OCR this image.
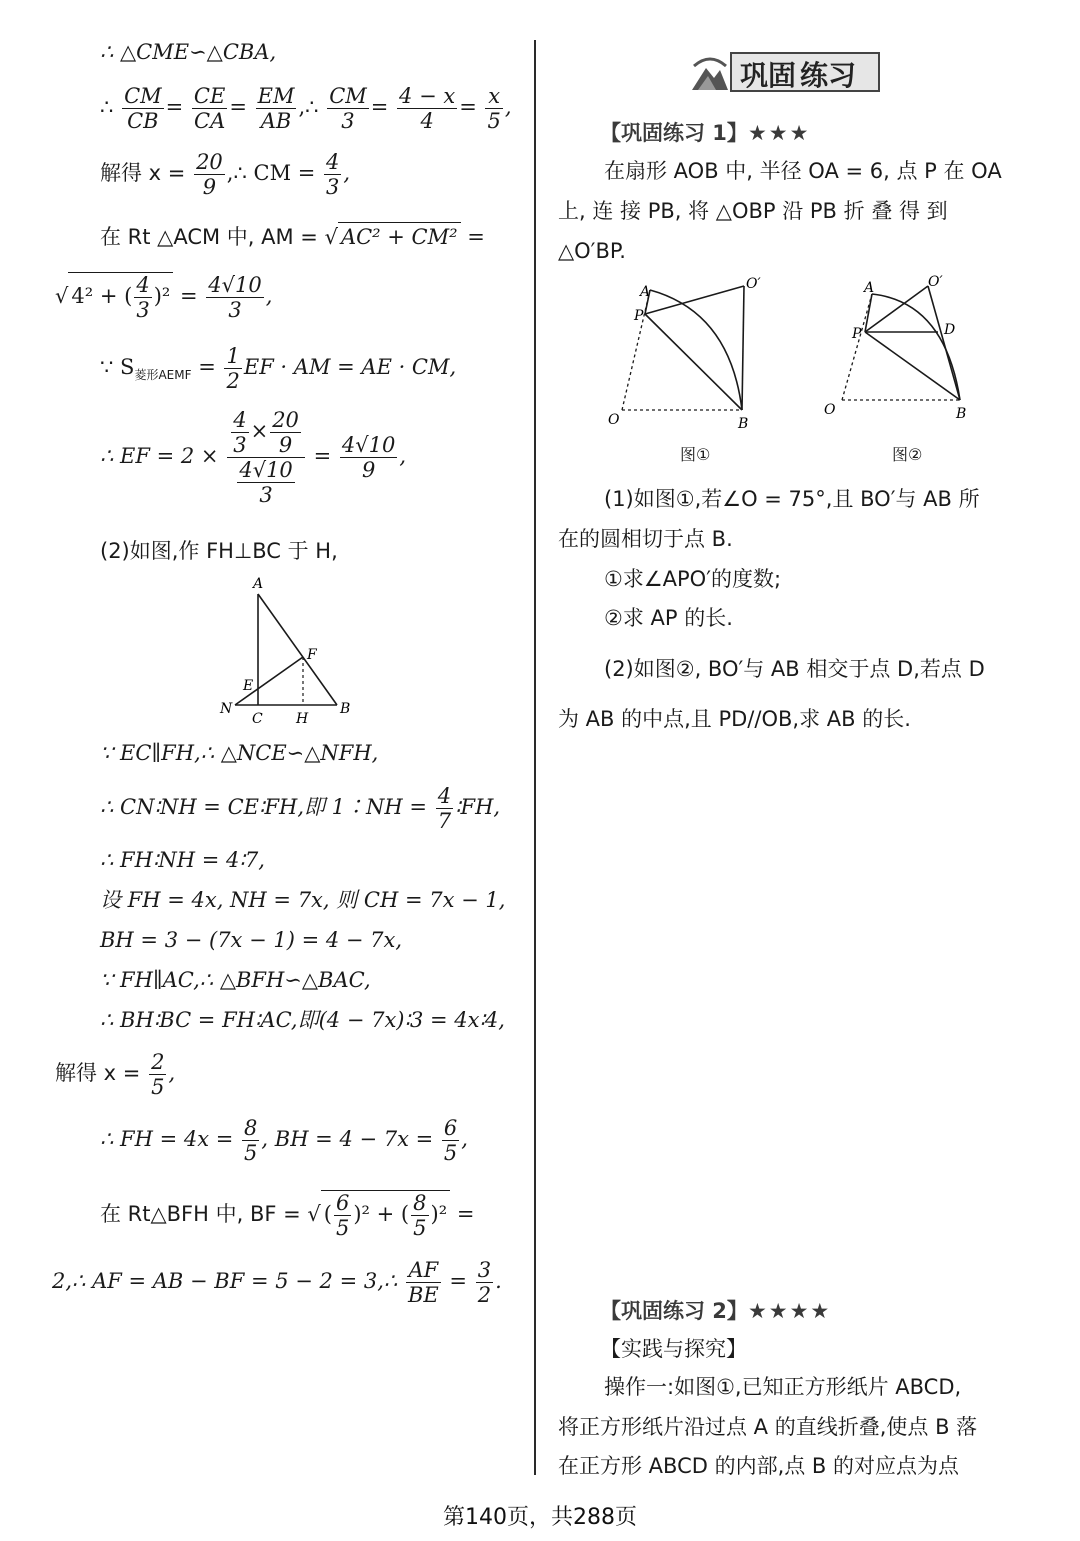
∴ △CME∽△CBA,
∴ $\frac{CM}{CB} = \frac{CE}{CA} = \frac{EM}{AB}$ ,∴ $\frac{CM}{3} = \frac{4 - x}{4} = \frac{x}{5}$ ,
解得 $x = \frac{20}{9}$ ,∴ CM = $\frac{4}{3}$ ,
在 Rt △ACM 中, AM = √ AC² + CM² =
√ 4² + ( $\frac{4}{3} )^2 = \frac{4√10}{3}$ ,
∵ $S_{菱形AEMF} = \frac{1}{2}$ EF · AM = AE · CM,
∴ EF = $2 \times \frac{\frac{4}{3} \times \frac{20}{9}}{\frac{4√10}{3}} = \frac{4√10}{9}$ ,
(2)如图,作 FH⊥BC 于 H,
A
F
E
N
C H
B
∵ EC∥FH,∴ △NCE∽△NFH,
∴ CN∶NH = CE∶FH,即 1∶NH = $\frac{4}{7}$ ∶FH,
∴ FH∶NH = 4∶7,
设 FH = 4x, NH = 7x, 则 CH = 7x − 1,
BH = 3 − (7x − 1) = 4 − 7x,
∵ FH∥AC,∴ △BFH∽△BAC,
∴ BH∶BC = FH∶AC,即(4 − 7x)∶3 = 4x∶4,
解得 $x = \frac{2}{5}$ ,
∴ FH = $4x = \frac{8}{5}$ , BH = $4 - 7x = \frac{6}{5}$ ,
在 Rt△BFH 中, BF = √ ( $\frac{6}{5} )^2$ + ( $\frac{8}{5} )^2$ =
2,∴ AF = AB − BF = 5 − 2 = 3,∴ $\frac{AF}{BE} = \frac{3}{2}$ .
巩固 练习
【巩固练习 1】★★★
在扇形 AOB 中, 半径 OA = 6, 点 P 在 OA
上, 连 接 PB, 将 △OBP 沿 PB 折 叠 得 到
△O′BP.
A	O′
P
O	B
图①
A	O′
P	D
O	B
图②
(1)如图①,若∠O = 75°,且 BO′与 AB 所
在的圆相切于点 B.
①求∠APO′的度数;
②求 AP 的长.
(2)如图②, BO′与 AB 相交于点 D,若点 D
为 AB 的中点,且 PD//OB,求 AB 的长.
【巩固练习 2】★★★★
【实践与探究】
操作一:如图①,已知正方形纸片 ABCD,
将正方形纸片沿过点 A 的直线折叠,使点 B 落
在正方形 ABCD 的内部,点 B 的对应点为点
第140页，共288页
